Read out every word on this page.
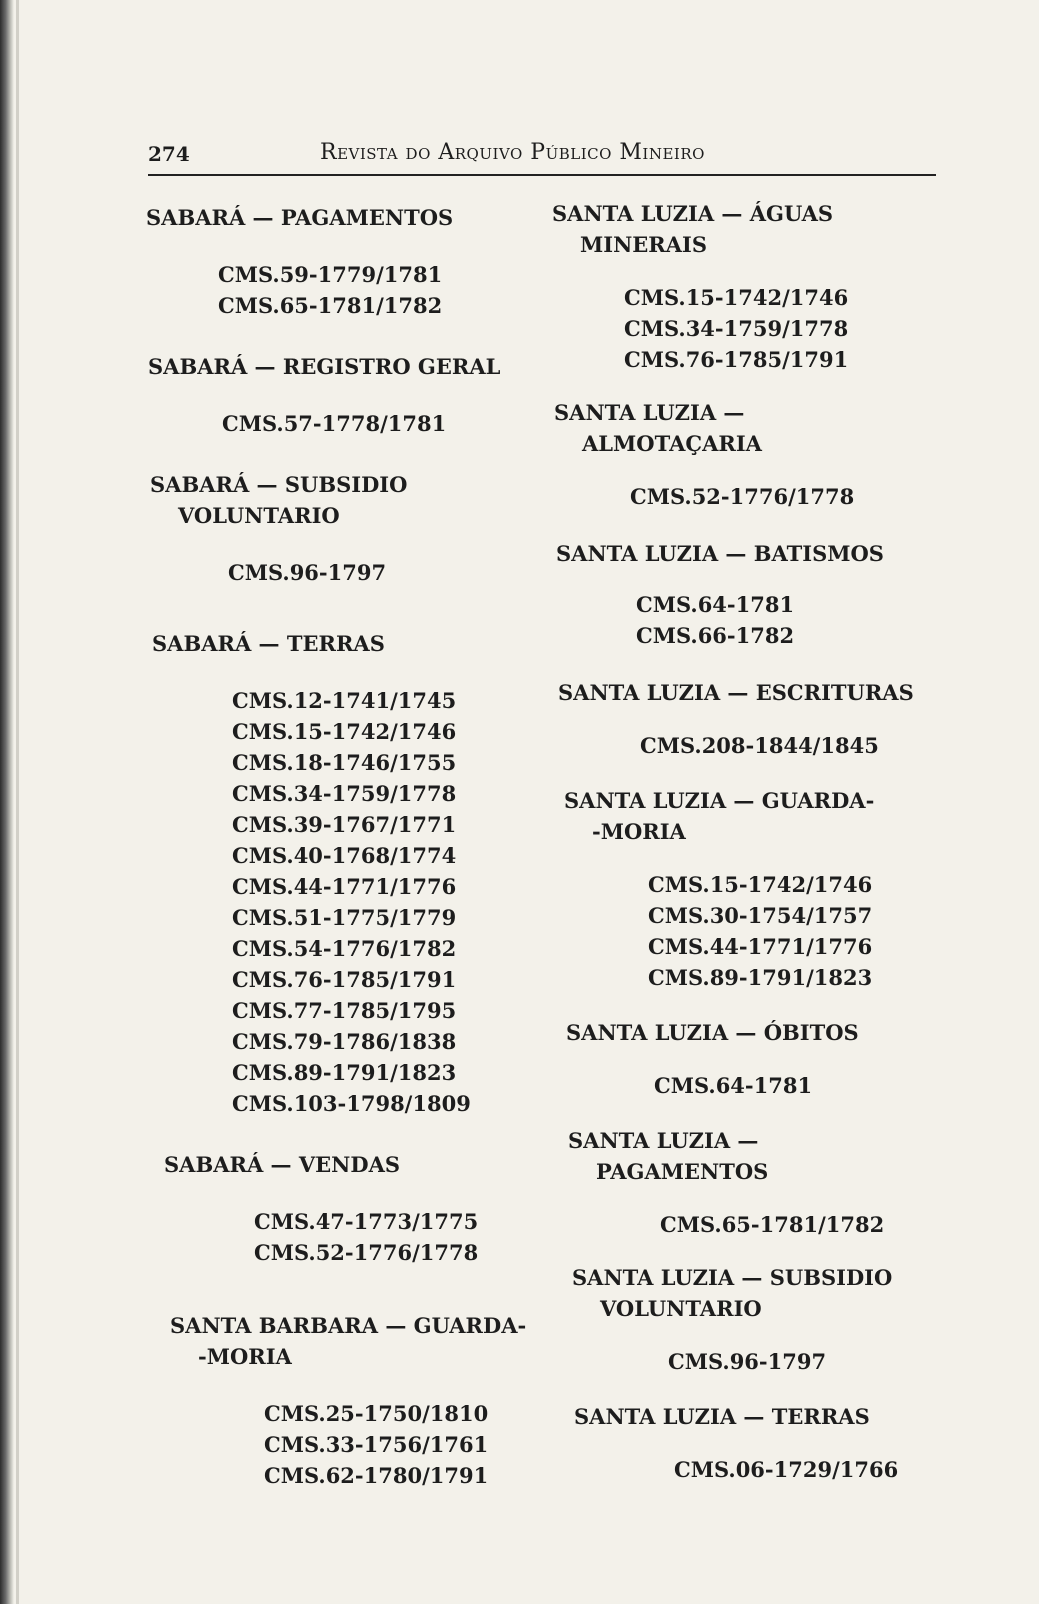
274	Revista do Arquivo Público Mineiro
SABARÁ — PAGAMENTOS
CMS.59-1779/1781
CMS.65-1781/1782
SABARÁ — REGISTRO GERAL
CMS.57-1778/1781
SABARÁ — SUBSIDIO
VOLUNTARIO
CMS.96-1797
SABARÁ — TERRAS
CMS.12-1741/1745
CMS.15-1742/1746
CMS.18-1746/1755
CMS.34-1759/1778
CMS.39-1767/1771
CMS.40-1768/1774
CMS.44-1771/1776
CMS.51-1775/1779
CMS.54-1776/1782
CMS.76-1785/1791
CMS.77-1785/1795
CMS.79-1786/1838
CMS.89-1791/1823
CMS.103-1798/1809
SABARÁ — VENDAS
CMS.47-1773/1775
CMS.52-1776/1778
SANTA BARBARA — GUARDA-
-MORIA
CMS.25-1750/1810
CMS.33-1756/1761
CMS.62-1780/1791
SANTA LUZIA — ÁGUAS
MINERAIS
CMS.15-1742/1746
CMS.34-1759/1778
CMS.76-1785/1791
SANTA LUZIA —
ALMOTAÇARIA
CMS.52-1776/1778
SANTA LUZIA — BATISMOS
CMS.64-1781
CMS.66-1782
SANTA LUZIA — ESCRITURAS
CMS.208-1844/1845
SANTA LUZIA — GUARDA-
-MORIA
CMS.15-1742/1746
CMS.30-1754/1757
CMS.44-1771/1776
CMS.89-1791/1823
SANTA LUZIA — ÓBITOS
CMS.64-1781
SANTA LUZIA —
PAGAMENTOS
CMS.65-1781/1782
SANTA LUZIA — SUBSIDIO
VOLUNTARIO
CMS.96-1797
SANTA LUZIA — TERRAS
CMS.06-1729/1766
